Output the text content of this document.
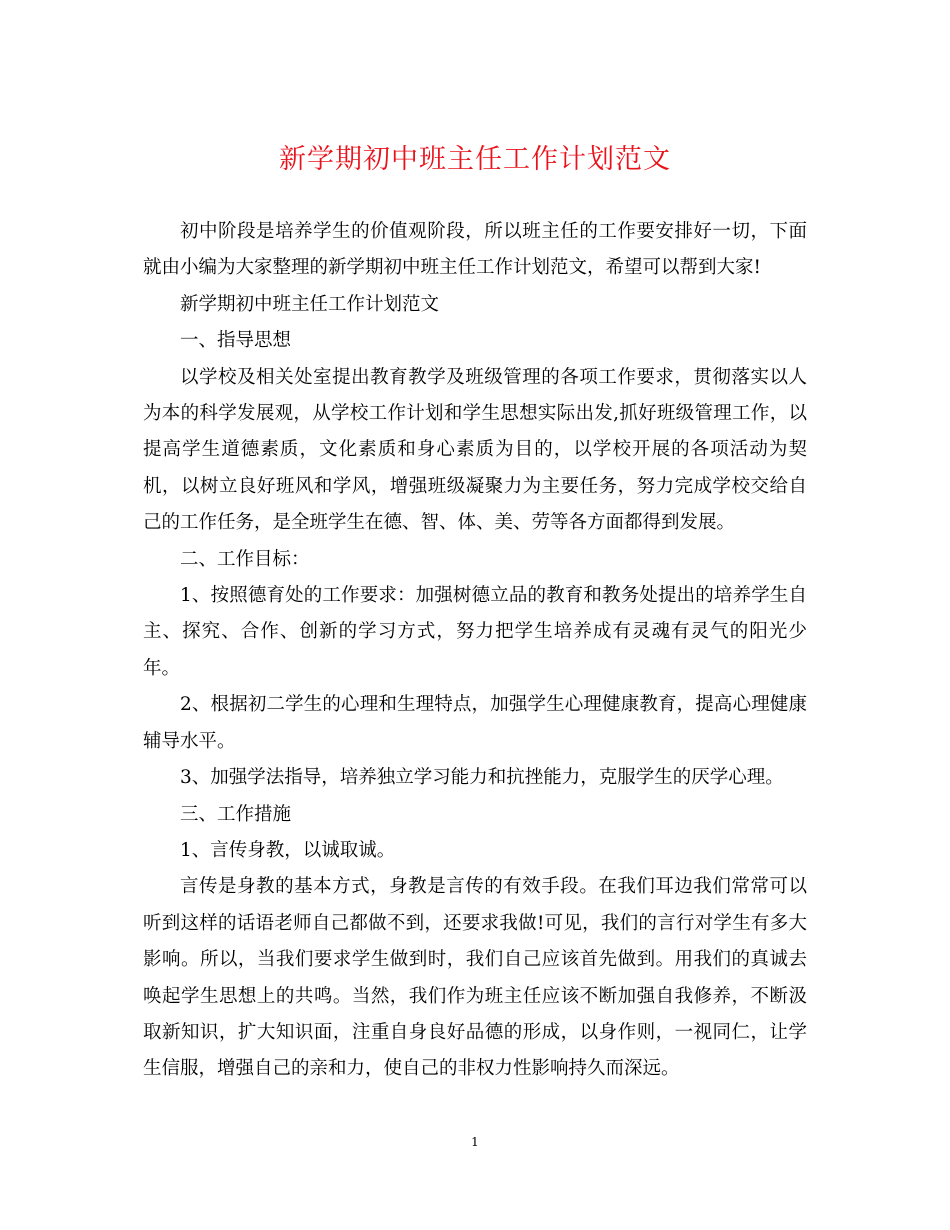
新学期初中班主任工作计划范文

初中阶段是培养学生的价值观阶段，所以班主任的工作要安排好一切，下面就由小编为大家整理的新学期初中班主任工作计划范文，希望可以帮到大家!

新学期初中班主任工作计划范文

一、指导思想

以学校及相关处室提出教育教学及班级管理的各项工作要求，贯彻落实以人为本的科学发展观，从学校工作计划和学生思想实际出发,抓好班级管理工作，以提高学生道德素质，文化素质和身心素质为目的，以学校开展的各项活动为契机，以树立良好班风和学风，增强班级凝聚力为主要任务，努力完成学校交给自己的工作任务，是全班学生在德、智、体、美、劳等各方面都得到发展。

二、工作目标：

1、按照德育处的工作要求：加强树德立品的教育和教务处提出的培养学生自主、探究、合作、创新的学习方式，努力把学生培养成有灵魂有灵气的阳光少年。

2、根据初二学生的心理和生理特点，加强学生心理健康教育，提高心理健康辅导水平。

3、加强学法指导，培养独立学习能力和抗挫能力，克服学生的厌学心理。

三、工作措施

1、言传身教，以诚取诚。

言传是身教的基本方式，身教是言传的有效手段。在我们耳边我们常常可以听到这样的话语老师自己都做不到，还要求我做!可见，我们的言行对学生有多大影响。所以，当我们要求学生做到时，我们自己应该首先做到。用我们的真诚去唤起学生思想上的共鸣。当然，我们作为班主任应该不断加强自我修养，不断汲取新知识，扩大知识面，注重自身良好品德的形成，以身作则，一视同仁，让学生信服，增强自己的亲和力，使自己的非权力性影响持久而深远。

1
